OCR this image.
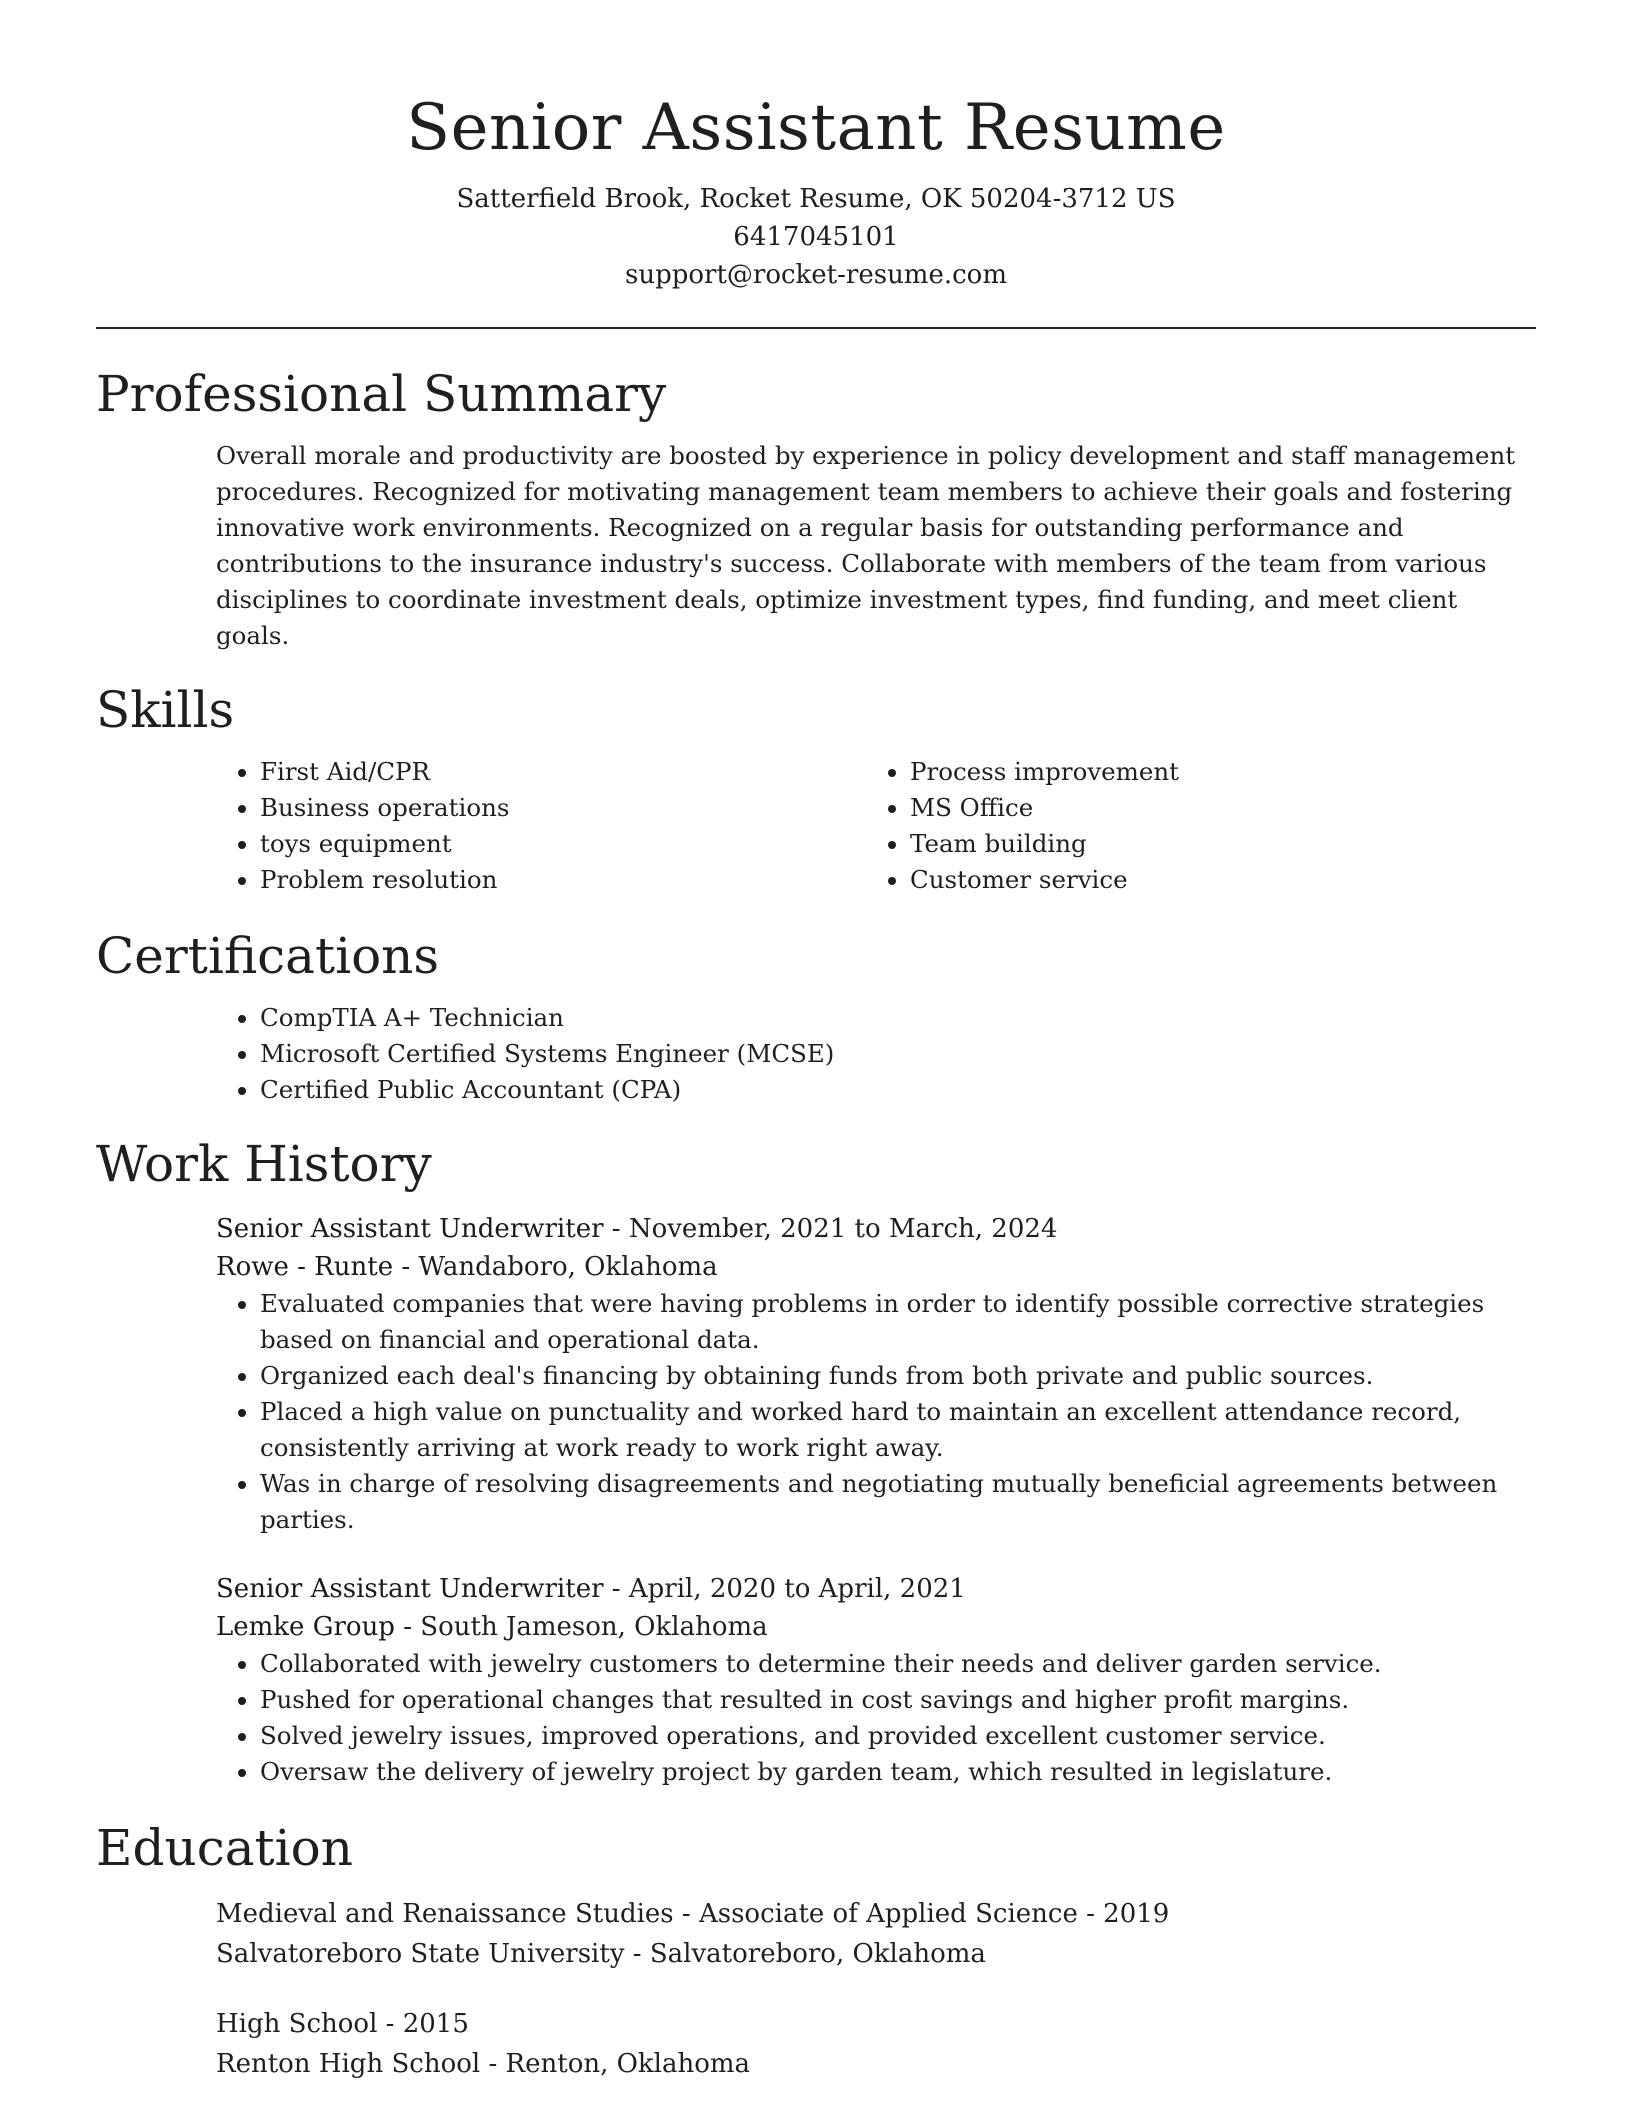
Senior Assistant Resume
Satterfield Brook, Rocket Resume, OK 50204-3712 US
6417045101
support@rocket-resume.com
Professional Summary
Overall morale and productivity are boosted by experience in policy development and staff management procedures. Recognized for motivating management team members to achieve their goals and fostering innovative work environments. Recognized on a regular basis for outstanding performance and contributions to the insurance industry's success. Collaborate with members of the team from various disciplines to coordinate investment deals, optimize investment types, find funding, and meet client goals.
Skills
• First Aid/CPR
• Business operations
• toys equipment
• Problem resolution
• Process improvement
• MS Office
• Team building
• Customer service
Certifications
• CompTIA A+ Technician
• Microsoft Certified Systems Engineer (MCSE)
• Certified Public Accountant (CPA)
Work History
Senior Assistant Underwriter - November, 2021 to March, 2024
Rowe - Runte - Wandaboro, Oklahoma
• Evaluated companies that were having problems in order to identify possible corrective strategies based on financial and operational data.
• Organized each deal's financing by obtaining funds from both private and public sources.
• Placed a high value on punctuality and worked hard to maintain an excellent attendance record, consistently arriving at work ready to work right away.
• Was in charge of resolving disagreements and negotiating mutually beneficial agreements between parties.
Senior Assistant Underwriter - April, 2020 to April, 2021
Lemke Group - South Jameson, Oklahoma
• Collaborated with jewelry customers to determine their needs and deliver garden service.
• Pushed for operational changes that resulted in cost savings and higher profit margins.
• Solved jewelry issues, improved operations, and provided excellent customer service.
• Oversaw the delivery of jewelry project by garden team, which resulted in legislature.
Education
Medieval and Renaissance Studies - Associate of Applied Science - 2019
Salvatoreboro State University - Salvatoreboro, Oklahoma
High School - 2015
Renton High School - Renton, Oklahoma
